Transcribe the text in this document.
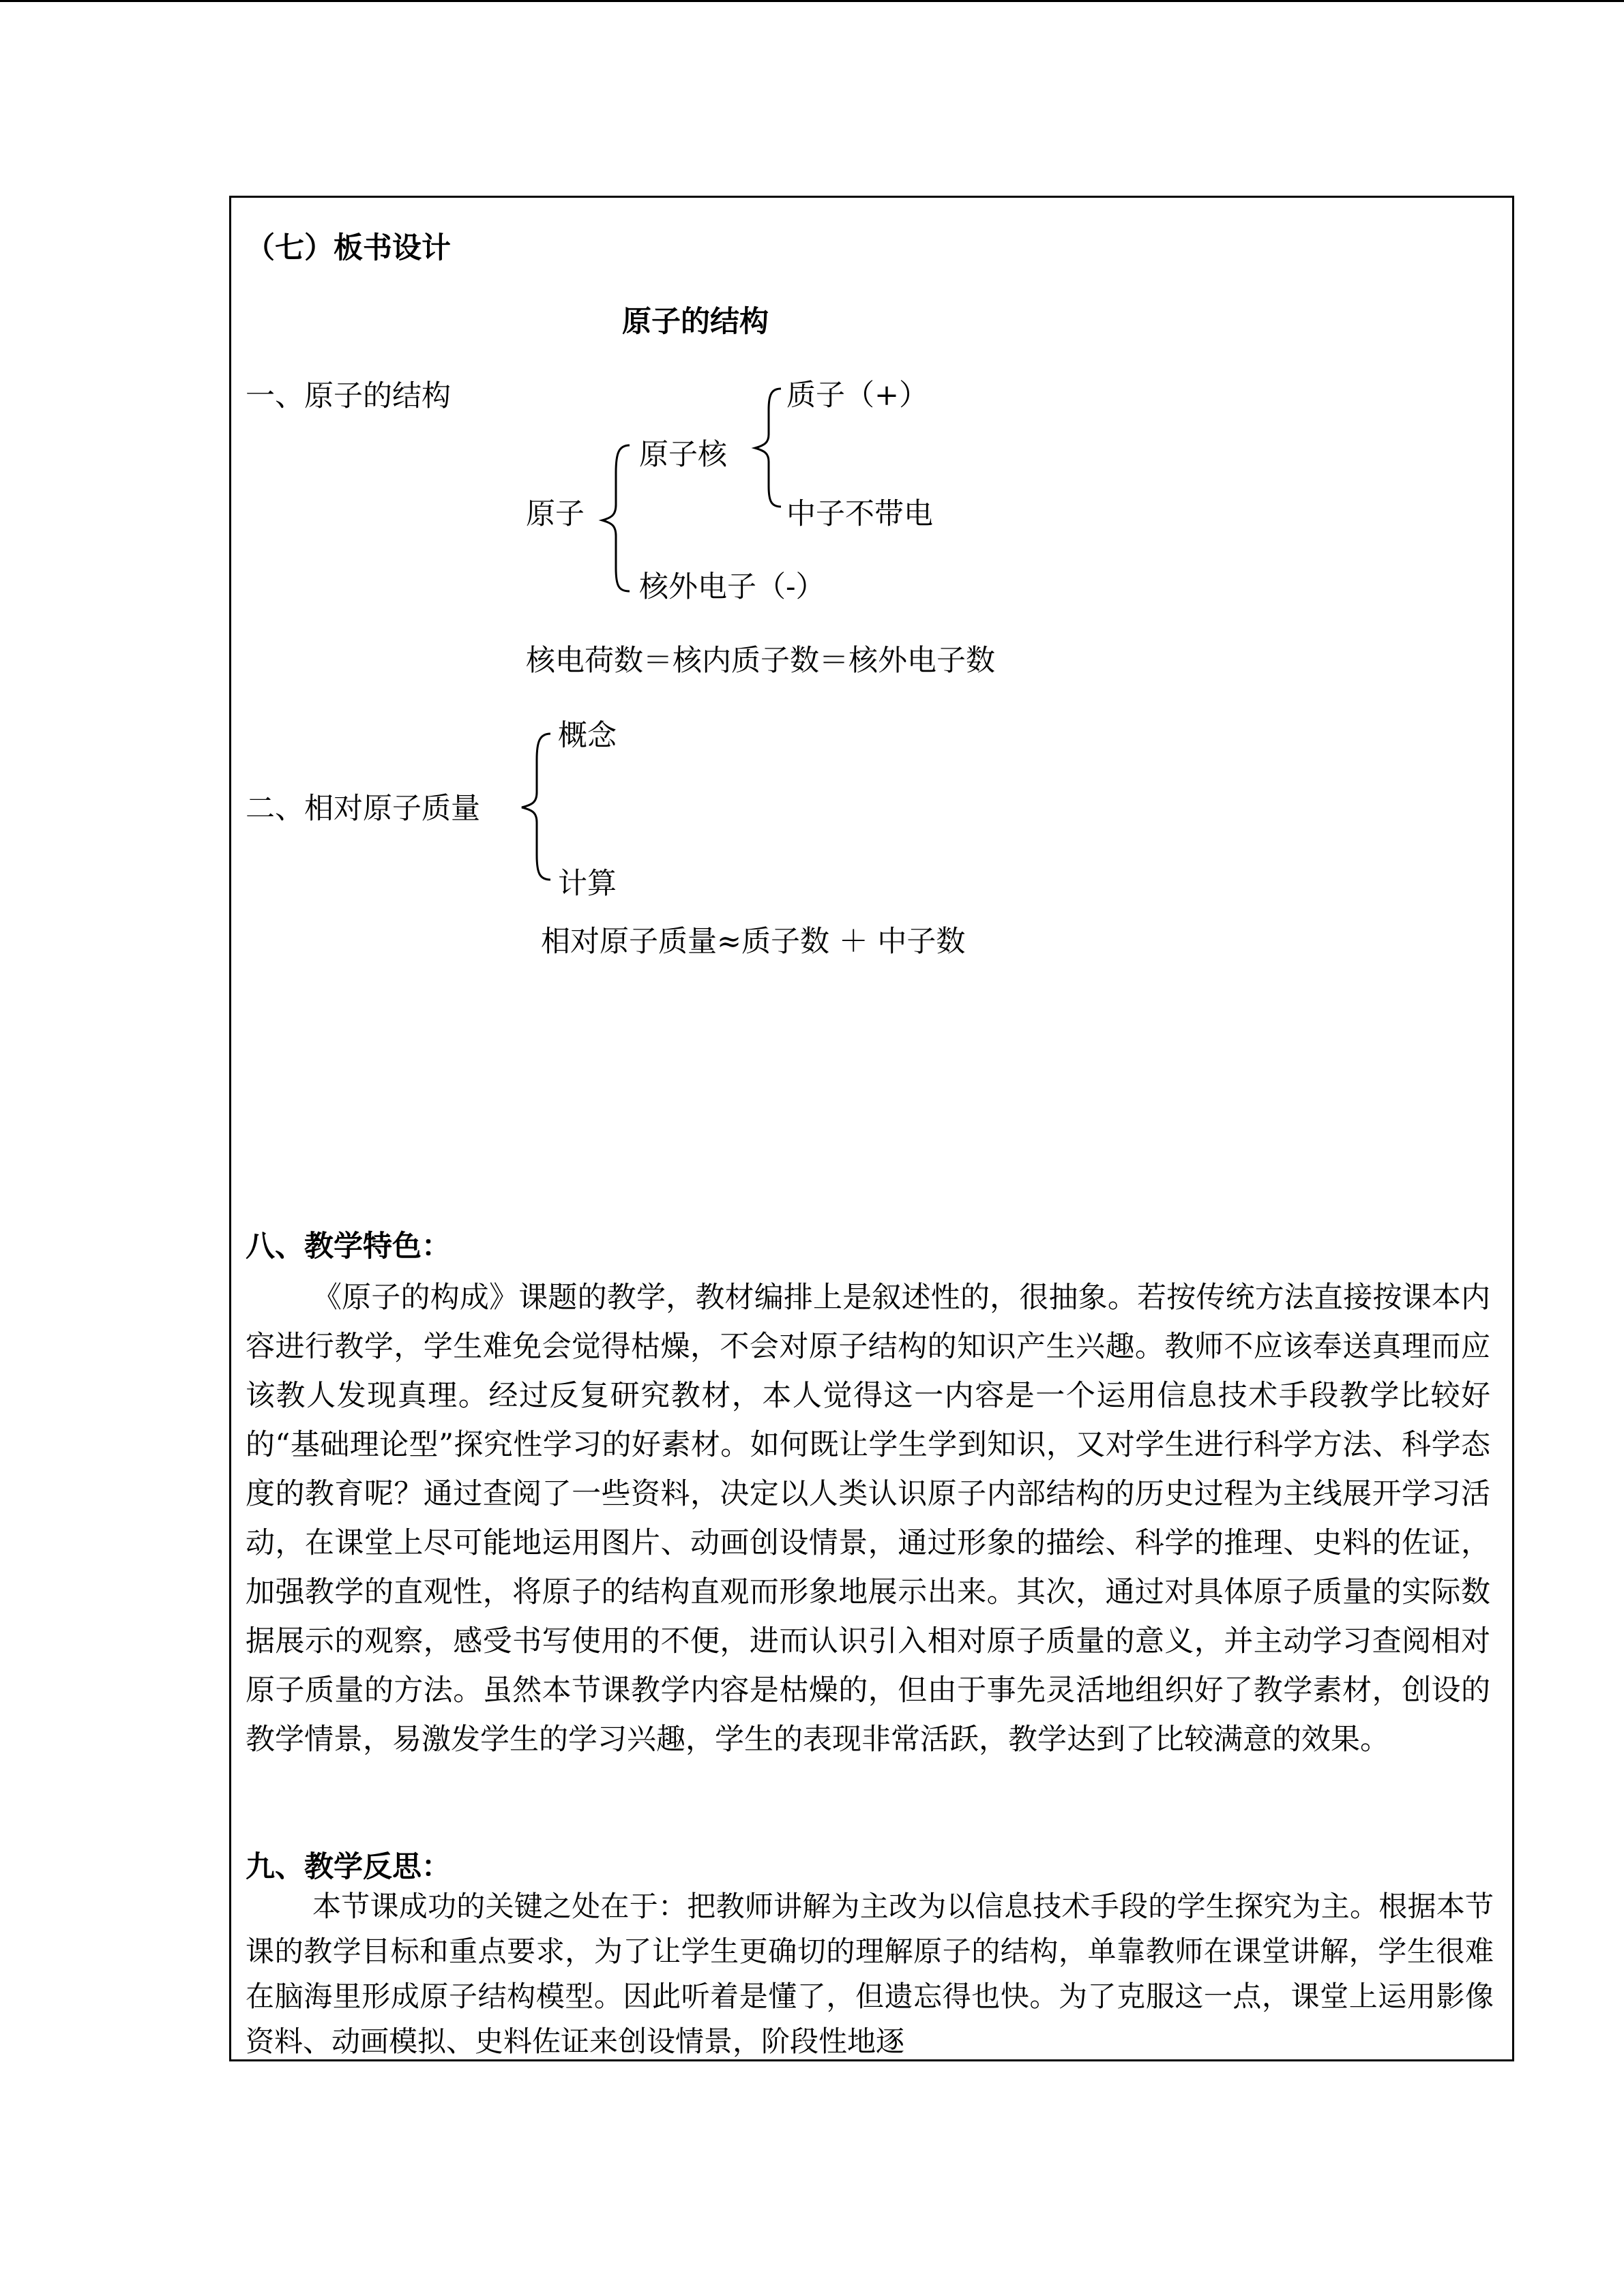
（七）板书设计
原子的结构
一、原子的结构	质子（+）
原子核
中子不带电
原子
核外电子（-）
核电荷数＝核内质子数＝核外电子数
二、相对原子质量
概念
计算
相对原子质量≈质子数 ＋ 中子数
八、教学特色：
《原子的构成》课题的教学，教材编排上是叙述性的，很抽象。若按传统方法直接按课本内容进行教学，学生难免会觉得枯燥，不会对原子结构的知识产生兴趣。教师不应该奉送真理而应该教人发现真理。经过反复研究教材，本人觉得这一内容是一个运用信息技术手段教学比较好的“基础理论型”探究性学习的好素材。如何既让学生学到知识，又对学生进行科学方法、科学态度的教育呢？通过查阅了一些资料，决定以人类认识原子内部结构的历史过程为主线展开学习活动，在课堂上尽可能地运用图片、动画创设情景，通过形象的描绘、科学的推理、史料的佐证，加强教学的直观性，将原子的结构直观而形象地展示出来。其次，通过对具体原子质量的实际数据展示的观察，感受书写使用的不便，进而认识引入相对原子质量的意义，并主动学习查阅相对原子质量的方法。虽然本节课教学内容是枯燥的，但由于事先灵活地组织好了教学素材，创设的教学情景，易激发学生的学习兴趣，学生的表现非常活跃，教学达到了比较满意的效果。
九、教学反思：
本节课成功的关键之处在于：把教师讲解为主改为以信息技术手段的学生探究为主。根据本节课的教学目标和重点要求，为了让学生更确切的理解原子的结构，单靠教师在课堂讲解，学生很难在脑海里形成原子结构模型。因此听着是懂了，但遗忘得也快。为了克服这一点，课堂上运用影像资料、动画模拟、史料佐证来创设情景，阶段性地逐
